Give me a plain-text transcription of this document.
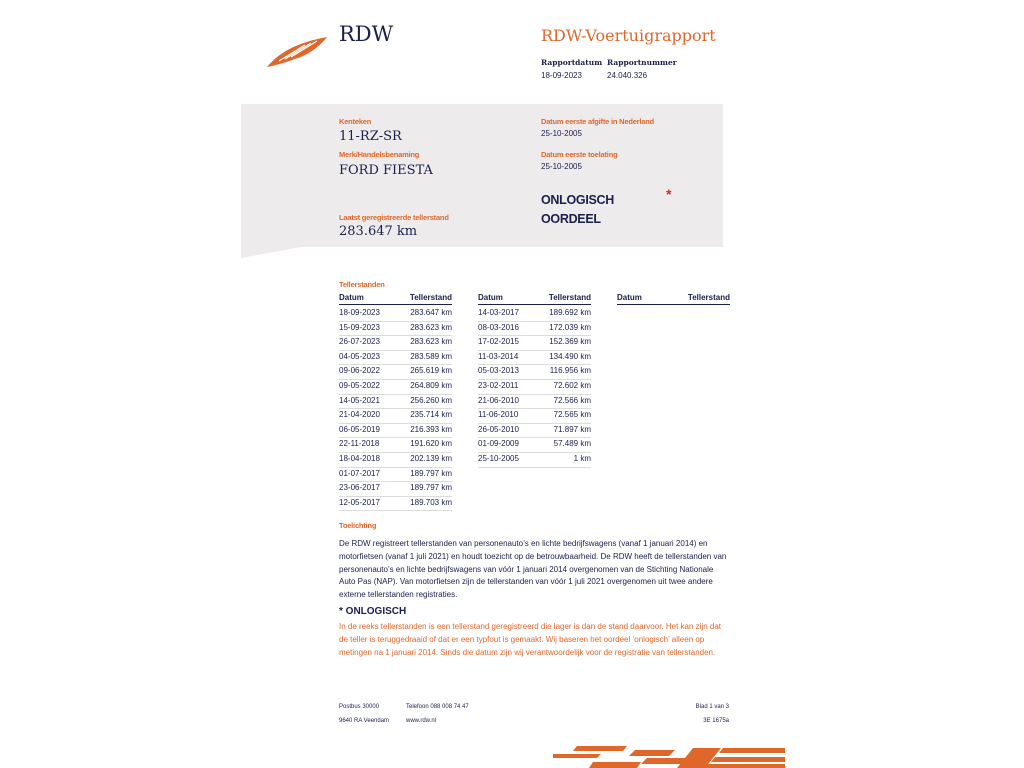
RDW	RDW-Voertuigrapport
Rapportdatum Rapportnummer
18-09-2023	24.040.326
Kenteken
11-RZ-SR
Merk/Handelsbenaming
FORD FIESTA
Laatst geregistreerde tellerstand
283.647 km
Datum eerste afgifte in Nederland
25-10-2005
Datum eerste toelating
25-10-2005
ONLOGISCH
OORDEEL
*
Tellerstanden
Datum	Tellerstand	Datum	Tellerstand	Datum	Tellerstand
18-09-2023	283.647 km
15-09-2023	283.623 km
26-07-2023	283.623 km
04-05-2023	283.589 km
09-06-2022	265.619 km
09-05-2022	264.809 km
14-05-2021	256.260 km
21-04-2020	235.714 km
06-05-2019	216.393 km
22-11-2018	191.620 km
18-04-2018	202.139 km
01-07-2017	189.797 km
23-06-2017	189.797 km
12-05-2017	189.703 km
14-03-2017	189.692 km
08-03-2016	172.039 km
17-02-2015	152.369 km
11-03-2014	134.490 km
05-03-2013	116.956 km
23-02-2011	72.602 km
21-06-2010	72.566 km
11-06-2010	72.565 km
26-05-2010	71.897 km
01-09-2009	57.489 km
25-10-2005	1 km
Toelichting
De RDW registreert tellerstanden van personenauto’s en lichte bedrijfswagens (vanaf 1 januari 2014) en motorfietsen (vanaf 1 juli 2021) en houdt toezicht op de betrouwbaarheid. De RDW heeft de tellerstanden van personenauto’s en lichte bedrijfswagens van vóór 1 januari 2014 overgenomen van de Stichting Nationale Auto Pas (NAP). Van motorfietsen zijn de tellerstanden van vóór 1 juli 2021 overgenomen uit twee andere externe tellerstanden registraties.
* ONLOGISCH
In de reeks tellerstanden is een tellerstand geregistreerd die lager is dan de stand daarvoor. Het kan zijn dat de teller is teruggedraaid of dat er een typfout is gemaakt. Wij baseren het oordeel ‘onlogisch’ alleen op metingen na 1 januari 2014. Sinds die datum zijn wij verantwoordelijk voor de registratie van tellerstanden.
Postbus 30000
9640 RA Veendam
Telefoon 088 008 74 47
www.rdw.nl
Blad 1 van 3
3E 1675a
